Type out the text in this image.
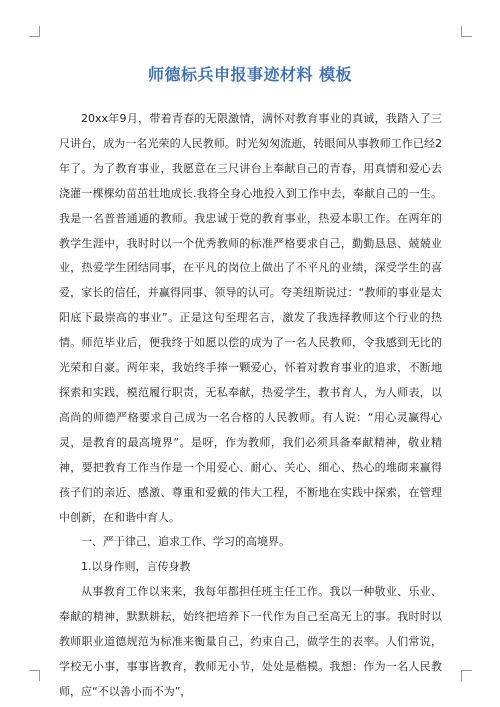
师德标兵申报事迹材料 模板

20xx年9月，带着青春的无限激情，满怀对教育事业的真诚，我踏入了三尺讲台，成为一名光荣的人民教师。时光匆匆流逝，转眼间从事教师工作已经2年了。为了教育事业，我愿意在三尺讲台上奉献自己的青春，用真情和爱心去浇灌一棵棵幼苗茁壮地成长.我将全身心地投入到工作中去，奉献自己的一生。我是一名普普通通的教师。我忠诚于党的教育事业，热爱本职工作。在两年的教学生涯中，我时时以一个优秀教师的标准严格要求自己，勤勤恳恳、兢兢业业，热爱学生团结同事，在平凡的岗位上做出了不平凡的业绩，深受学生的喜爱，家长的信任，并赢得同事、领导的认可。夸美纽斯说过：“教师的事业是太阳底下最崇高的事业”。正是这句至理名言，激发了我选择教师这个行业的热情。师范毕业后，便我终于如愿以偿的成为了一名人民教师，令我感到无比的光荣和自豪。两年来，我始终手捧一颗爱心，怀着对教育事业的追求，不断地探索和实践，模范履行职责，无私奉献，热爱学生，教书育人，为人师表，以高尚的师德严格要求自己成为一名合格的人民教师。有人说：“用心灵赢得心灵，是教育的最高境界”。是呀，作为教师，我们必须具备奉献精神，敬业精神，要把教育工作当作是一个用爱心、耐心、关心、细心、热心的堆砌来赢得孩子们的亲近、感激、尊重和爱戴的伟大工程，不断地在实践中探索，在管理中创新，在和谐中育人。

一、严于律己，追求工作、学习的高境界。

1.以身作则，言传身教

从事教育工作以来来，我每年都担任班主任工作。我以一种敬业、乐业、奉献的精神，默默耕耘，始终把培养下一代作为自己至高无上的事。我时时以教师职业道德规范为标准来衡量自己，约束自己，做学生的表率。人们常说，学校无小事，事事皆教育，教师无小节，处处是楷模。我想：作为一名人民教师，应“不以善小而不为”，
